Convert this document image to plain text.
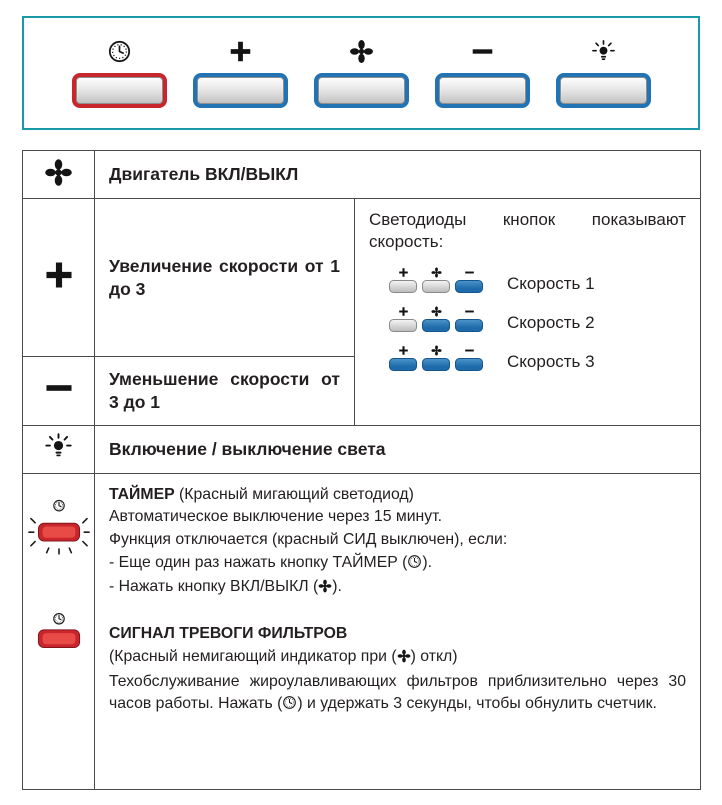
	Двигатель ВКЛ/ВЫКЛ	

	Увеличение скорости от 1 до 3	Светодиоды кнопок показывают скорость:
Скорость 1
Скорость 2
Скорость 3

	Уменьшение скорости от 3 до 1	

	Включение / выключение света	

ТАЙМЕР (Красный мигающий светодиод)

Автоматическое выключение через 15 минут.

Функция отключается (красный СИД выключен), если:

- Еще один раз нажать кнопку ТАЙМЕР ( ).

- Нажать кнопку ВКЛ/ВЫКЛ ( ).

СИГНАЛ ТРЕВОГИ ФИЛЬТРОВ

(Красный немигающий индикатор при ( ) откл)

Техобслуживание жироулавливающих фильтров приблизительно через 30 часов работы. Нажать ( ) и удержать 3 секунды, чтобы обнулить счетчик.
